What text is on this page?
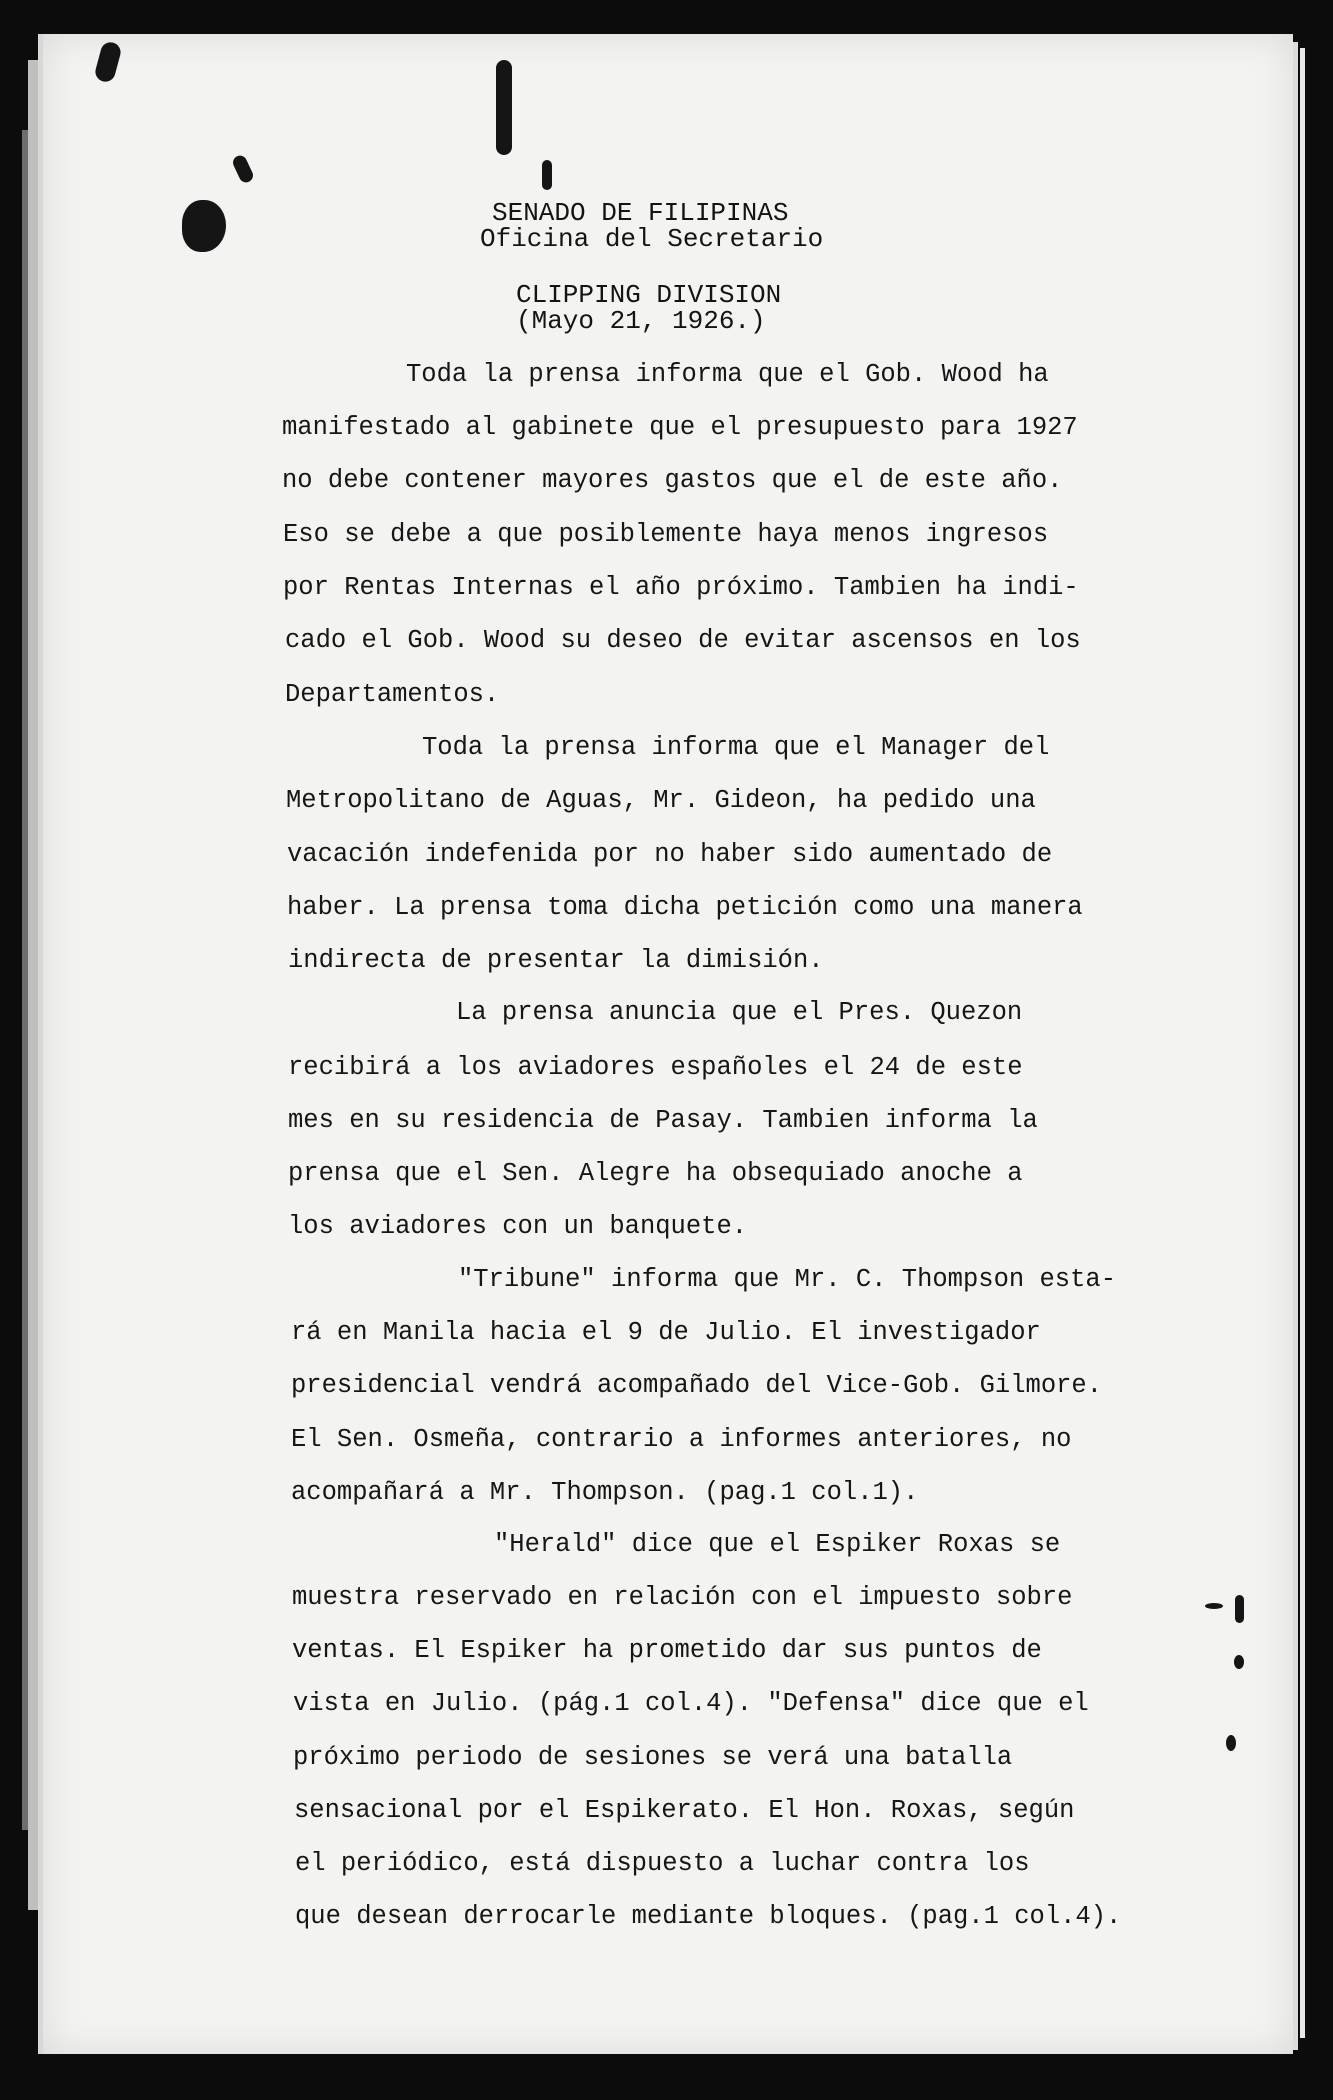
SENADO DE FILIPINAS
Oficina del Secretario
CLIPPING DIVISION
(Mayo 21, 1926.)
Toda la prensa informa que el Gob. Wood ha
manifestado al gabinete que el presupuesto para 1927
no debe contener mayores gastos que el de este año.
Eso se debe a que posiblemente haya menos ingresos
por Rentas Internas el año próximo. Tambien ha indi-
cado el Gob. Wood su deseo de evitar ascensos en los
Departamentos.
Toda la prensa informa que el Manager del
Metropolitano de Aguas, Mr. Gideon, ha pedido una
vacación indefenida por no haber sido aumentado de
haber. La prensa toma dicha petición como una manera
indirecta de presentar la dimisión.
La prensa anuncia que el Pres. Quezon
recibirá a los aviadores españoles el 24 de este
mes en su residencia de Pasay. Tambien informa la
prensa que el Sen. Alegre ha obsequiado anoche a
los aviadores con un banquete.
"Tribune" informa que Mr. C. Thompson esta-
rá en Manila hacia el 9 de Julio. El investigador
presidencial vendrá acompañado del Vice-Gob. Gilmore.
El Sen. Osmeña, contrario a informes anteriores, no
acompañará a Mr. Thompson. (pag.1 col.1).
"Herald" dice que el Espiker Roxas se
muestra reservado en relación con el impuesto sobre
ventas. El Espiker ha prometido dar sus puntos de
vista en Julio. (pág.1 col.4). "Defensa" dice que el
próximo periodo de sesiones se verá una batalla
sensacional por el Espikerato. El Hon. Roxas, según
el periódico, está dispuesto a luchar contra los
que desean derrocarle mediante bloques. (pag.1 col.4).
